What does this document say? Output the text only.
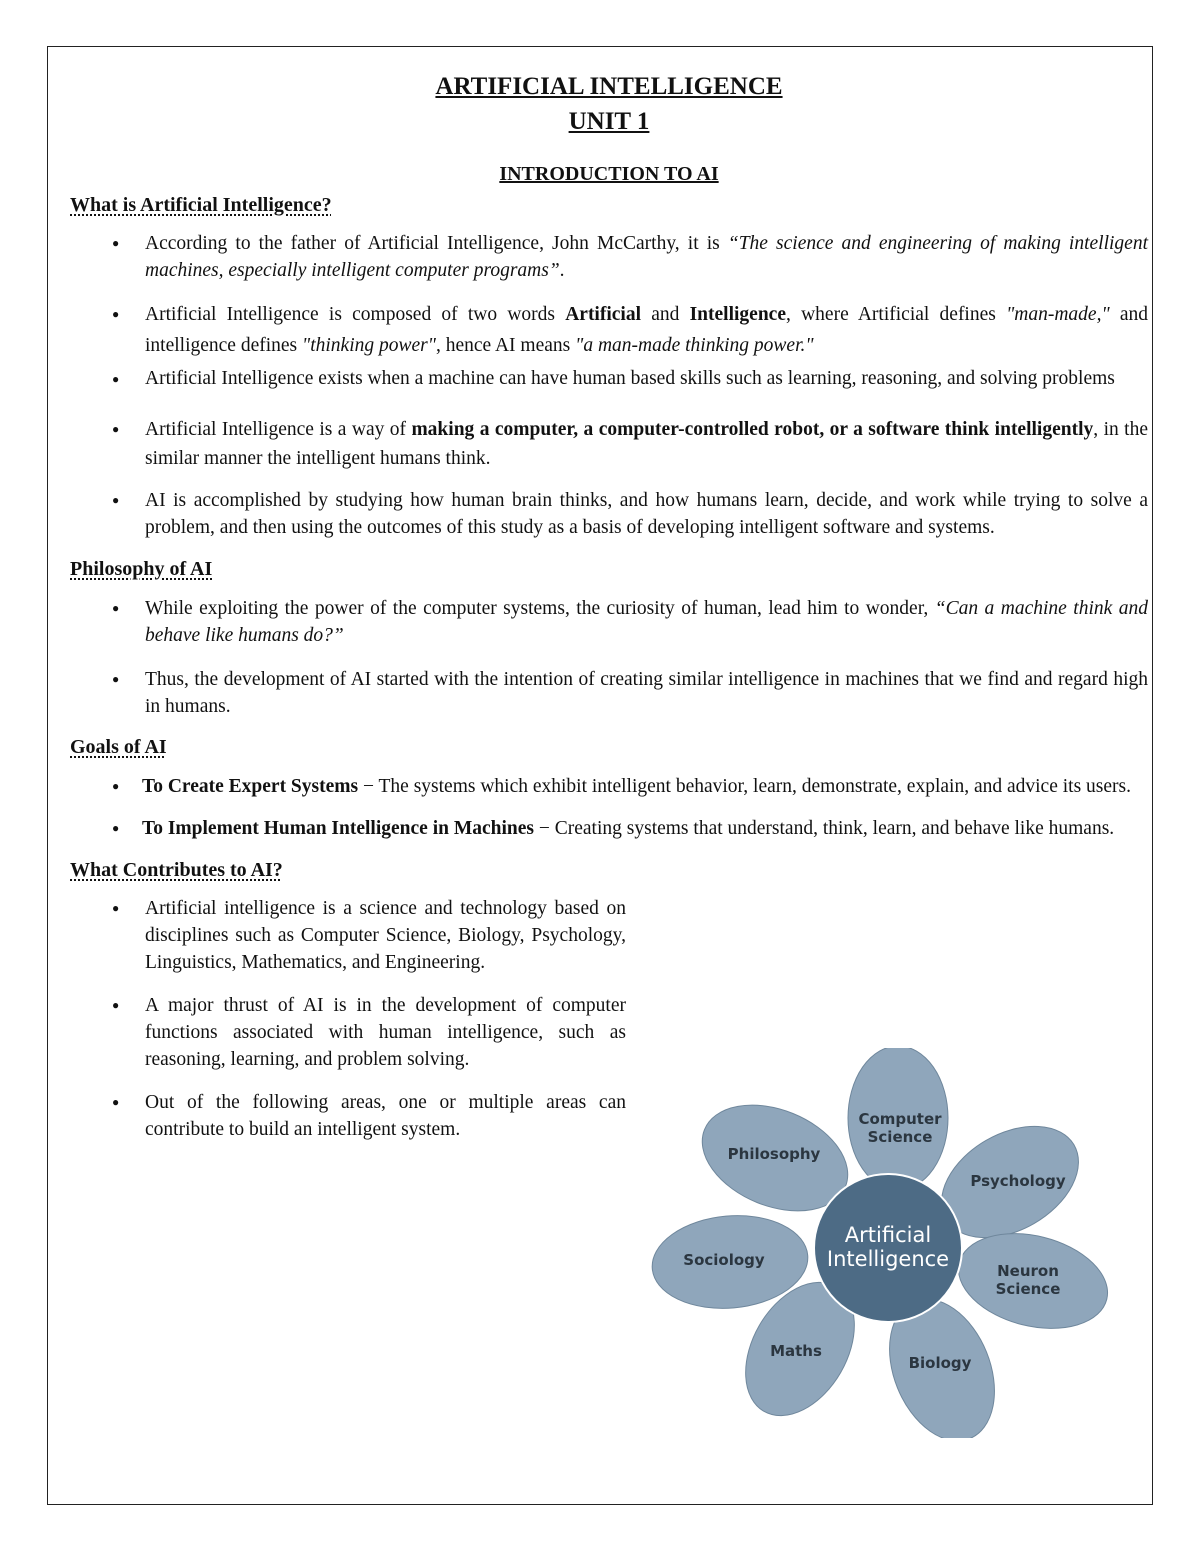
ARTIFICIAL INTELLIGENCE
UNIT 1
INTRODUCTION TO AI
What is Artificial Intelligence?
● According to the father of Artificial Intelligence, John McCarthy, it is “The science and engineering of making intelligent machines, especially intelligent computer programs”.
● Artificial Intelligence is composed of two words Artificial and Intelligence, where Artificial defines "man-made," and intelligence defines "thinking power", hence AI means "a man-made thinking power."
● Artificial Intelligence exists when a machine can have human based skills such as learning, reasoning, and solving problems
● Artificial Intelligence is a way of making a computer, a computer-controlled robot, or a software think intelligently, in the similar manner the intelligent humans think.
● AI is accomplished by studying how human brain thinks, and how humans learn, decide, and work while trying to solve a problem, and then using the outcomes of this study as a basis of developing intelligent software and systems.
Philosophy of AI
● While exploiting the power of the computer systems, the curiosity of human, lead him to wonder, “Can a machine think and behave like humans do?”
● Thus, the development of AI started with the intention of creating similar intelligence in machines that we find and regard high in humans.
Goals of AI
● To Create Expert Systems − The systems which exhibit intelligent behavior, learn, demonstrate, explain, and advice its users.
● To Implement Human Intelligence in Machines − Creating systems that understand, think, learn, and behave like humans.
What Contributes to AI?
● Artificial intelligence is a science and technology based on disciplines such as Computer Science, Biology, Psychology, Linguistics, Mathematics, and Engineering.
● A major thrust of AI is in the development of computer functions associated with human intelligence, such as reasoning, learning, and problem solving.
● Out of the following areas, one or multiple areas can contribute to build an intelligent system.
Artificial
Intelligence
Computer
Science
Psychology
Neuron
Science
Biology
Maths
Sociology
Philosophy
